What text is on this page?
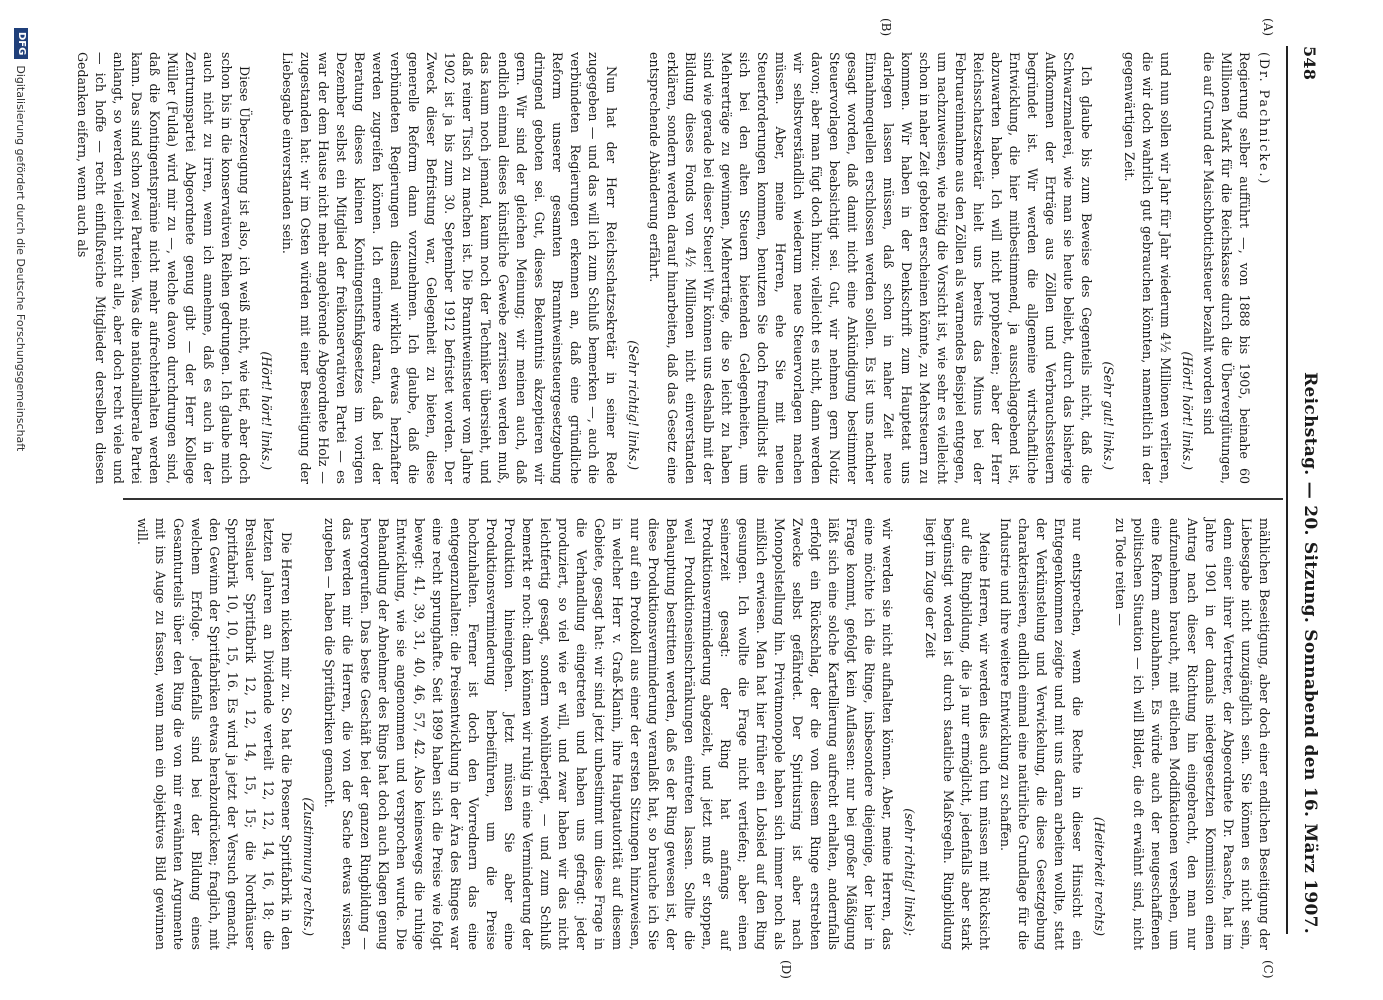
548
Reichstag. — 20. Sitzung. Sonnabend den 16. März 1907.
(A)
(B)
(C)
(D)

(Dr. Pachnicke.)

Regierung selber aufführt —, von 1888 bis 1905, beinahe 60 Millionen Mark für die Reichskasse durch die Überverglütungen, die auf Grund der Maischbottichsteuer bezahlt worden sind

(Hört! hört! links.)

und nun sollen wir Jahr für Jahr wiederum 4½ Millionen verlieren, die wir doch wahrlich gut gebrauchen könnten, namentlich in der gegenwärtigen Zeit.

(Sehr gut! links.)

Ich glaube bis zum Beweise des Gegenteils nicht, daß die Schwarzmalerei, wie man sie heute beliebt, durch das bisherige Aufkommen der Erträge aus Zöllen und Verbrauchssteuern begründet ist. Wir werden die allgemeine wirtschaftliche Entwicklung, die hier mitbestimmend, ja ausschlaggebend ist, abzuwarten haben. Ich will nicht prophezeien; aber der Herr Reichsschatzsekretär hielt uns bereits das Minus bei der Februareinnahme aus den Zöllen als warnendes Beispiel entgegen, um nachzuweisen, wie nötig die Vorsicht ist, wie sehr es vielleicht schon in naher Zeit geboten erscheinen könnte, zu Mehrsteuern zu kommen. Wir haben in der Denkschrift zum Hauptetat uns darlegen lassen müssen, daß schon in naher Zeit neue Einnahmequellen erschlossen werden sollen. Es ist uns nachher gesagt worden, daß damit nicht eine Ankündigung bestimmter Steuervorlagen beabsichtigt sei. Gut, wir nehmen gern Notiz davon; aber man fügt doch hinzu: vielleicht es nicht, dann werden wir selbstverständlich wiederum neue Steuervorlagen machen müssen. Aber, meine Herren, ehe Sie mit neuen Steuerforderungen kommen, benutzen Sie doch freundlichst die sich bei den alten Steuern bietenden Gelegenheiten, um Mehrerträge zu gewinnen, Mehrerträge, die so leicht zu haben sind wie gerade bei dieser Steuer! Wir können uns deshalb mit der Bildung dieses Fonds von 4½ Millionen nicht einverstanden erklären, sondern werden darauf hinarbeiten, daß das Gesetz eine entsprechende Abänderung erfährt.

(Sehr richtig! links.)

Nun hat der Herr Reichsschatzsekretär in seiner Rede zugegeben — und das will ich zum Schluß bemerken —, auch die verbündeten Regierungen erkennen an, daß eine gründliche Reform unserer gesamten Branntweinsteuergesetzgebung dringend geboten sei. Gut, dieses Bekenntnis akzeptieren wir gern. Wir sind der gleichen Meinung; wir meinen auch, daß endlich einmal dieses künstliche Gewebe zerrissen werden muß, das kaum noch jemand, kaum noch der Techniker übersieht, und daß reiner Tisch zu machen ist. Die Branntweinsteuer vom Jahre 1902 ist ja bis zum 30. September 1912 befristet worden. Der Zweck dieser Befristung war, Gelegenheit zu bieten, diese generelle Reform dann vorzunehmen. Ich glaube, daß die verbündeten Regierungen diesmal wirklich etwas herzhafter werden zugreifen können. Ich erinnere daran, daß bei der Beratung dieses kleinen Kontingentsfinkgesetzes im vorigen Dezember selbst ein Mitglied der freikonservativen Partei — es war der dem Hause nicht mehr angehörende Abgeordnete Holz — zugestanden hat: wir im Osten würden mit einer Beseitigung der Liebesgabe einverstanden sein.

(Hört! hört! links.)

Diese Überzeugung ist also, ich weiß nicht, wie tief, aber doch schon bis in die konservativen Reihen gedrungen. Ich glaube mich auch nicht zu irren, wenn ich annehme, daß es auch in der Zentrumspartei Abgeordnete genug gibt — der Herr Kollege Müller (Fulda) wird mir zu —, welche davon durchdrungen sind, daß die Kontingentsprämie nicht mehr aufrechterhalten werden kann. Das sind schon zwei Parteien. Was die nationalliberale Partei anlangt, so werden vielleicht nicht alle, aber doch recht viele und — ich hoffe — recht einflußreiche Mitglieder derselben diesen Gedanken eifern, wenn auch als

mählichen Beseitigung, aber doch einer endlichen Beseitigung der Liebesgabe nicht unzugänglich sein. Sie können es nicht sein, denn einer ihrer Vertreter, der Abgeordnete Dr. Paasche, hat im Jahre 1901 in der damals niedergesetzten Kommission einen Antrag nach dieser Richtung hin eingebracht, den man nur aufzunehmen braucht, mit etlichen Modifikationen versehen, um eine Reform anzubahnen. Es würde auch der neugeschaffenen politischen Situation — ich will Bilder, die oft erwähnt sind, nicht zu Tode reiten —

(Heiterkeit rechts)

nur entsprechen, wenn die Rechte in dieser Hinsicht ein Entgegenkommen zeigte und mit uns daran arbeiten wollte, statt der Verkünstelung und Verwickelung, die diese Gesetzgebung charakterisieren, endlich einmal eine natürliche Grundlage für die Industrie und ihre weitere Entwicklung zu schaffen.

Meine Herren, wir werden dies auch tun müssen mit Rücksicht auf die Ringbildung, die ja nur ermöglicht, jedenfalls aber stark begünstigt worden ist durch staatliche Maßregeln. Ringbildung liegt im Zuge der Zeit

(sehr richtig! links);

wir werden sie nicht aufhalten können. Aber, meine Herren, das eine möchte ich die Ringe, insbesondere diejenige, der hier in Frage kommt, gefolgt kein Auflassen: nur bei großer Mäßigung läßt sich eine solche Kartellierung aufrecht erhalten, andernfalls erfolgt ein Rückschlag, der die von diesem Ringe erstrebten Zwecke selbst gefährdet. Der Spiritusring ist aber nach Monopolstellung hin. Privatmonopole haben sich immer noch als mißlich erwiesen. Man hat hier früher ein Lobsied auf den Ring gesungen. Ich wollte die Frage nicht vertiefen; aber einen seinerzeit gesagt: der Ring hat anfangs auf Produktionsverminderung abgezielt, und jetzt muß er stoppen, weil Produktionseinschränkungen eintreten lassen. Sollte die Behauptung bestritten werden, daß es der Ring gewesen ist, der diese Produktionsverminderung veranlaßt hat, so brauche ich Sie nur auf ein Protokoll aus einer der ersten Sitzungen hinzuweisen, in welcher Herr v. Graß-Klanin, ihre Hauptautorität auf diesem Gebiete, gesagt hat: wir sind jetzt unbestimmt um diese Frage in die Verhandlung eingetreten und haben uns gefragt: jeder produziert, so viel wie er will, und zwar haben wir das nicht leichtfertig gesagt, sondern wohlüberlegt, — und zum Schluß bemerkt er noch: dann können wir ruhig in eine Verminderung der Produktion hineingehen. Jetzt müssen Sie aber eine Produktionsverminderung herbeiführen, um die Preise hochzuhalten. Ferner ist doch den Vorrednern das eine entgegenzuhalten: die Preisentwicklung in der Ära des Ringes war eine recht sprunghafte. Seit 1899 haben sich die Preise wie folgt bewegt: 41, 39, 31, 40, 46, 57, 42. Also keineswegs die ruhige Entwicklung, wie sie angenommen und versprochen wurde. Die Behandlung der Abnehmer des Rings hat doch auch Klagen genug hervorgerufen. Das beste Geschäft bei der ganzen Ringbildung — das werden mir die Herren, die von der Sache etwas wissen, zugeben — haben die Spritfabriken gemacht.

(Zustimmung rechts.)

Die Herren nicken mir zu. So hat die Posener Spritfabrik in den letzten Jahren an Dividende verteilt 12, 12, 14, 16, 18; die Breslauer Spritfabrik 12, 12, 14, 15, 15; die Nordhäuser Spritfabrik 10, 10, 15, 16. Es wird ja jetzt der Versuch gemacht, den Gewinn der Spritfabriken etwas herabzudrücken; fraglich, mit welchem Erfolge. Jedenfalls sind bei der Bildung eines Gesamturteils über den Ring die von mir erwähnten Argumente mit ins Auge zu fassen, wenn man ein objektives Bild gewinnen will.

DFG
Digitalisierung gefördert durch die Deutsche Forschungsgemeinschaft
